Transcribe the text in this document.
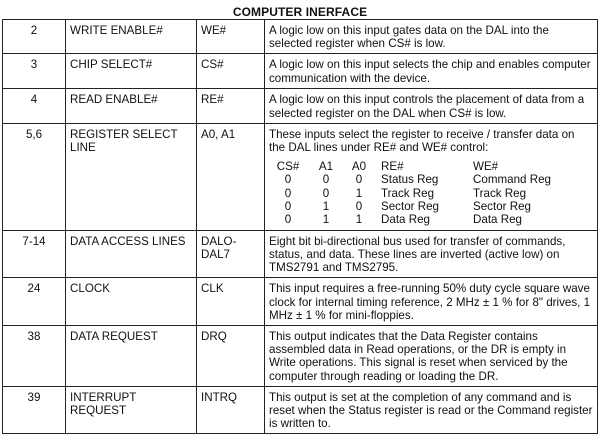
COMPUTER INERFACE
2	WRITE ENABLE#	WE#	A logic low on this input gates data on the DAL into the selected register when CS# is low.
3	CHIP SELECT#	CS#	A logic low on this input selects the chip and enables computer communication with the device.
4	READ ENABLE#	RE#	A logic low on this input controls the placement of data from a selected register on the DAL when CS# is low.
5,6	REGISTER SELECT LINE	A0, A1	These inputs select the register to receive / transfer data on the DAL lines under RE# and WE# control:
CS#	A1	A0	RE#	WE#
0	0	0	Status Reg	Command Reg
0	0	1	Track Reg	Track Reg
0	1	0	Sector Reg	Sector Reg
0	1	1	Data Reg	Data Reg

7-14	DATA ACCESS LINES	DALO-DAL7	Eight bit bi-directional bus used for transfer of commands, status, and data. These lines are inverted (active low) on TMS2791 and TMS2795.
24	CLOCK	CLK	This input requires a free-running 50% duty cycle square wave clock for internal timing reference, 2 MHz ± 1 % for 8" drives, 1 MHz ± 1 % for mini-floppies.
38	DATA REQUEST	DRQ	This output indicates that the Data Register contains assembled data in Read operations, or the DR is empty in Write operations. This signal is reset when serviced by the computer through reading or loading the DR.
39	INTERRUPT REQUEST	INTRQ	This output is set at the completion of any command and is reset when the Status register is read or the Command register is written to.
